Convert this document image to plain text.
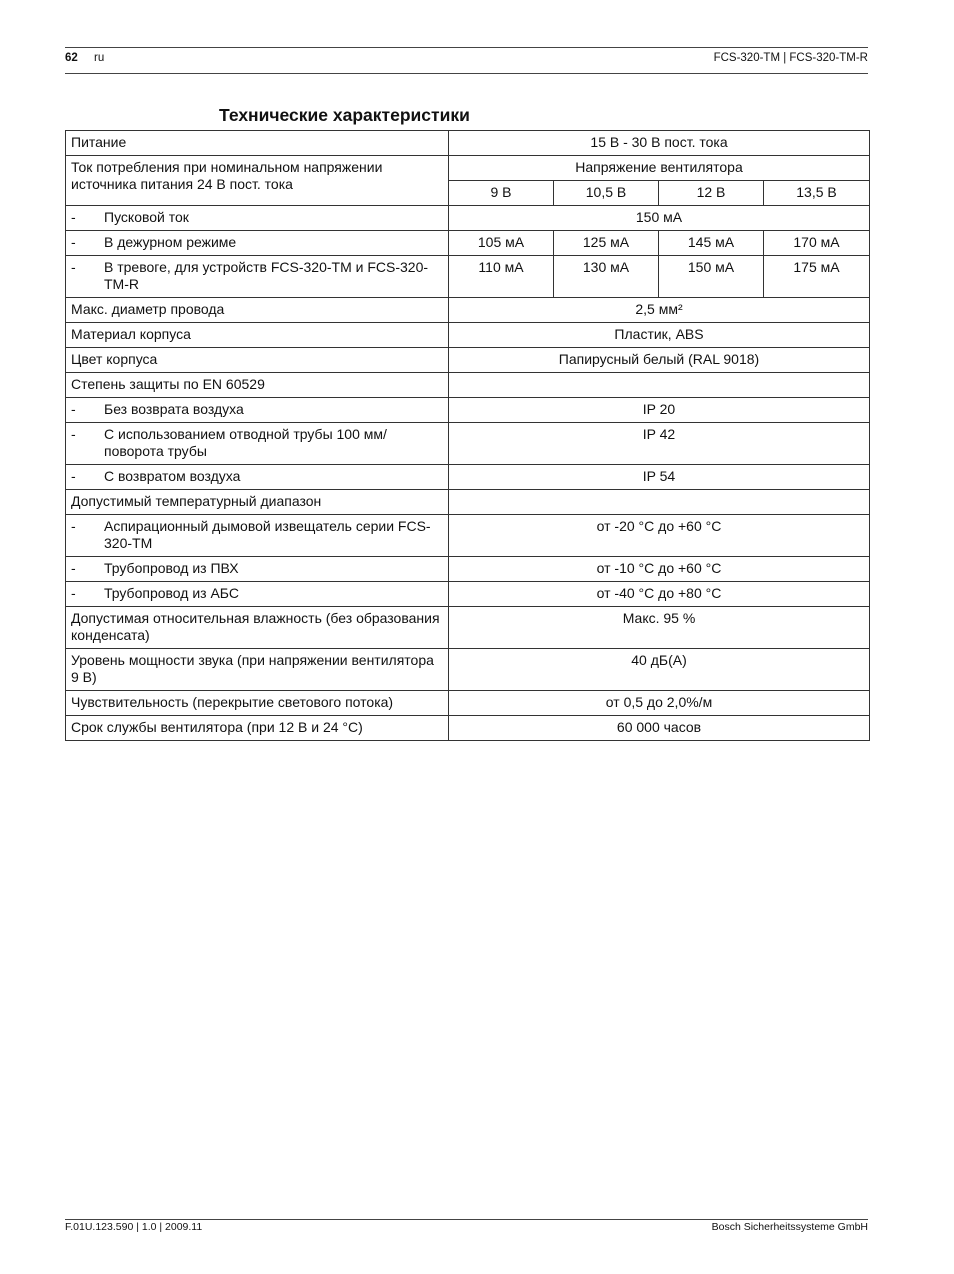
62 ru	FCS-320-TM | FCS-320-TM-R
Технические характеристики
Питание	15 В - 30 В пост. тока			
Ток потребления при номинальном напряжении источника питания 24 В пост. тока	Напряжение вентилятора			
	9 В	10,5 В	12 В	13,5 В

- Пусковой ток	150 мА			

- В дежурном режиме	105 мА	125 мА	145 мА	170 мА

- В тревоге, для устройств FCS-320-TM и FCS-320-TM-R	110 мА	130 мА	150 мА	175 мА
Макс. диаметр провода	2,5 мм²			
Материал корпуса	Пластик, ABS			
Цвет корпуса	Папирусный белый (RAL 9018)			
Степень защиты по EN 60529				

- Без возврата воздуха	IP 20			

- С использованием отводной трубы 100 мм/ поворота трубы	IP 42			

- С возвратом воздуха	IP 54			
Допустимый температурный диапазон				

- Аспирационный дымовой извещатель серии FCS-320-TM	от -20 °C до +60 °C			

- Трубопровод из ПВХ	от -10 °C до +60 °C			

- Трубопровод из АБС	от -40 °C до +80 °C			
Допустимая относительная влажность (без образования конденсата)	Макс. 95 %			
Уровень мощности звука (при напряжении вентилятора 9 В)	40 дБ(А)			
Чувствительность (перекрытие светового потока)	от 0,5 до 2,0%/м			
Срок службы вентилятора (при 12 В и 24 °C)	60 000 часов			
F.01U.123.590 | 1.0 | 2009.11	Bosch Sicherheitssysteme GmbH
